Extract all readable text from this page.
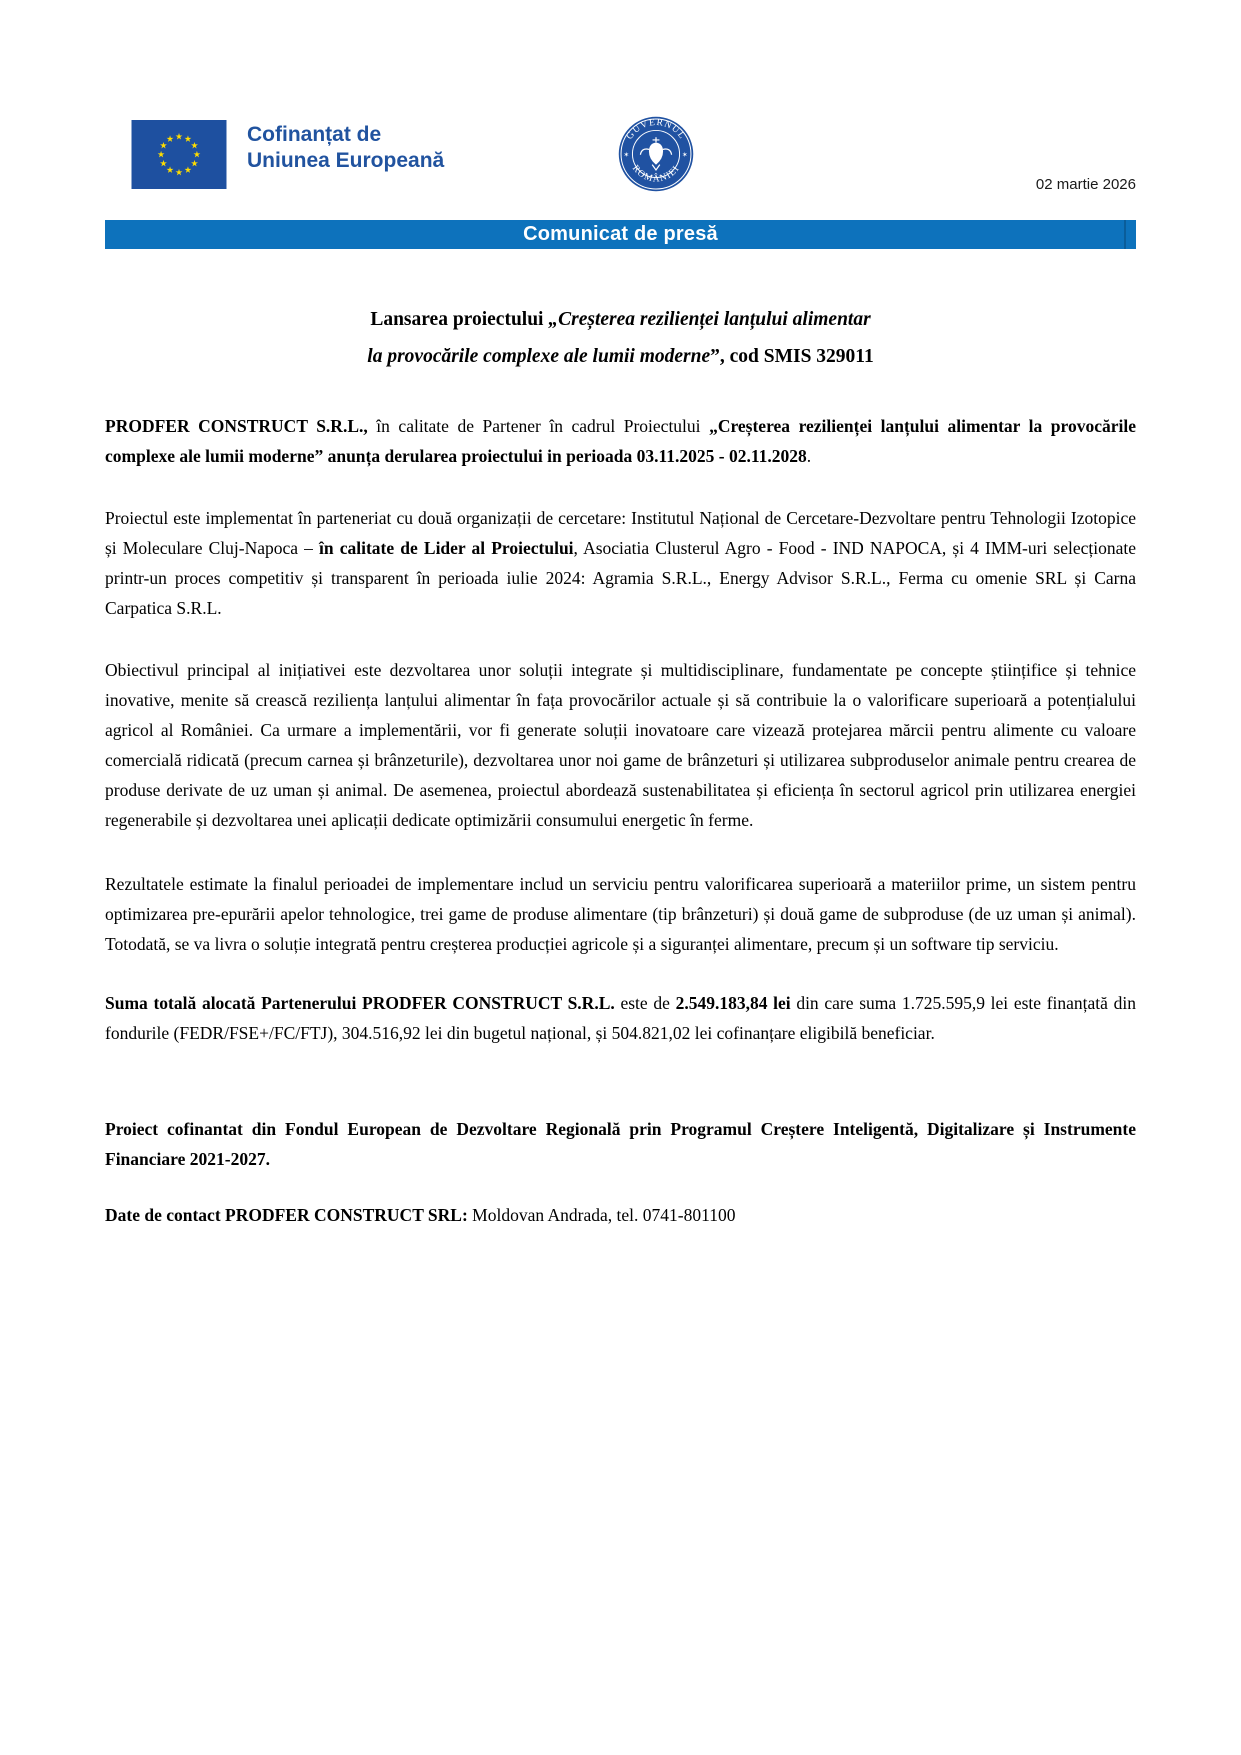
Cofinanțat de
Uniunea Europeană
GUVERNUL
ROMÂNIEI
✶	✶
02 martie 2026
Comunicat de presă
Lansarea proiectului „Creșterea rezilienței lanțului alimentar
la provocările complexe ale lumii moderne”, cod SMIS 329011

PRODFER CONSTRUCT S.R.L., în calitate de Partener în cadrul Proiectului „Creșterea rezilienței lanțului alimentar la provocările complexe ale lumii moderne” anunța derularea proiectului in perioada 03.11.2025 - 02.11.2028.

Proiectul este implementat în parteneriat cu două organizații de cercetare: Institutul Național de Cercetare-Dezvoltare pentru Tehnologii Izotopice și Moleculare Cluj-Napoca – în calitate de Lider al Proiectului, Asociatia Clusterul Agro - Food - IND NAPOCA, și 4 IMM-uri selecționate printr-un proces competitiv și transparent în perioada iulie 2024: Agramia S.R.L., Energy Advisor S.R.L., Ferma cu omenie SRL și Carna Carpatica S.R.L.

Obiectivul principal al inițiativei este dezvoltarea unor soluții integrate și multidisciplinare, fundamentate pe concepte științifice și tehnice inovative, menite să crească reziliența lanțului alimentar în fața provocărilor actuale și să contribuie la o valorificare superioară a potențialului agricol al României. Ca urmare a implementării, vor fi generate soluții inovatoare care vizează protejarea mărcii pentru alimente cu valoare comercială ridicată (precum carnea și brânzeturile), dezvoltarea unor noi game de brânzeturi și utilizarea subproduselor animale pentru crearea de produse derivate de uz uman și animal. De asemenea, proiectul abordează sustenabilitatea și eficiența în sectorul agricol prin utilizarea energiei regenerabile și dezvoltarea unei aplicații dedicate optimizării consumului energetic în ferme.

Rezultatele estimate la finalul perioadei de implementare includ un serviciu pentru valorificarea superioară a materiilor prime, un sistem pentru optimizarea pre-epurării apelor tehnologice, trei game de produse alimentare (tip brânzeturi) și două game de subproduse (de uz uman și animal). Totodată, se va livra o soluție integrată pentru creșterea producției agricole și a siguranței alimentare, precum și un software tip serviciu.

Suma totală alocată Partenerului PRODFER CONSTRUCT S.R.L. este de 2.549.183,84 lei din care suma 1.725.595,9 lei este finanțată din fondurile (FEDR/FSE+/FC/FTJ), 304.516,92 lei din bugetul național, și 504.821,02 lei cofinanțare eligibilă beneficiar.

Proiect cofinantat din Fondul European de Dezvoltare Regională prin Programul Creștere Inteligentă, Digitalizare și Instrumente Financiare 2021-2027.

Date de contact PRODFER CONSTRUCT SRL: Moldovan Andrada, tel. 0741-801100
